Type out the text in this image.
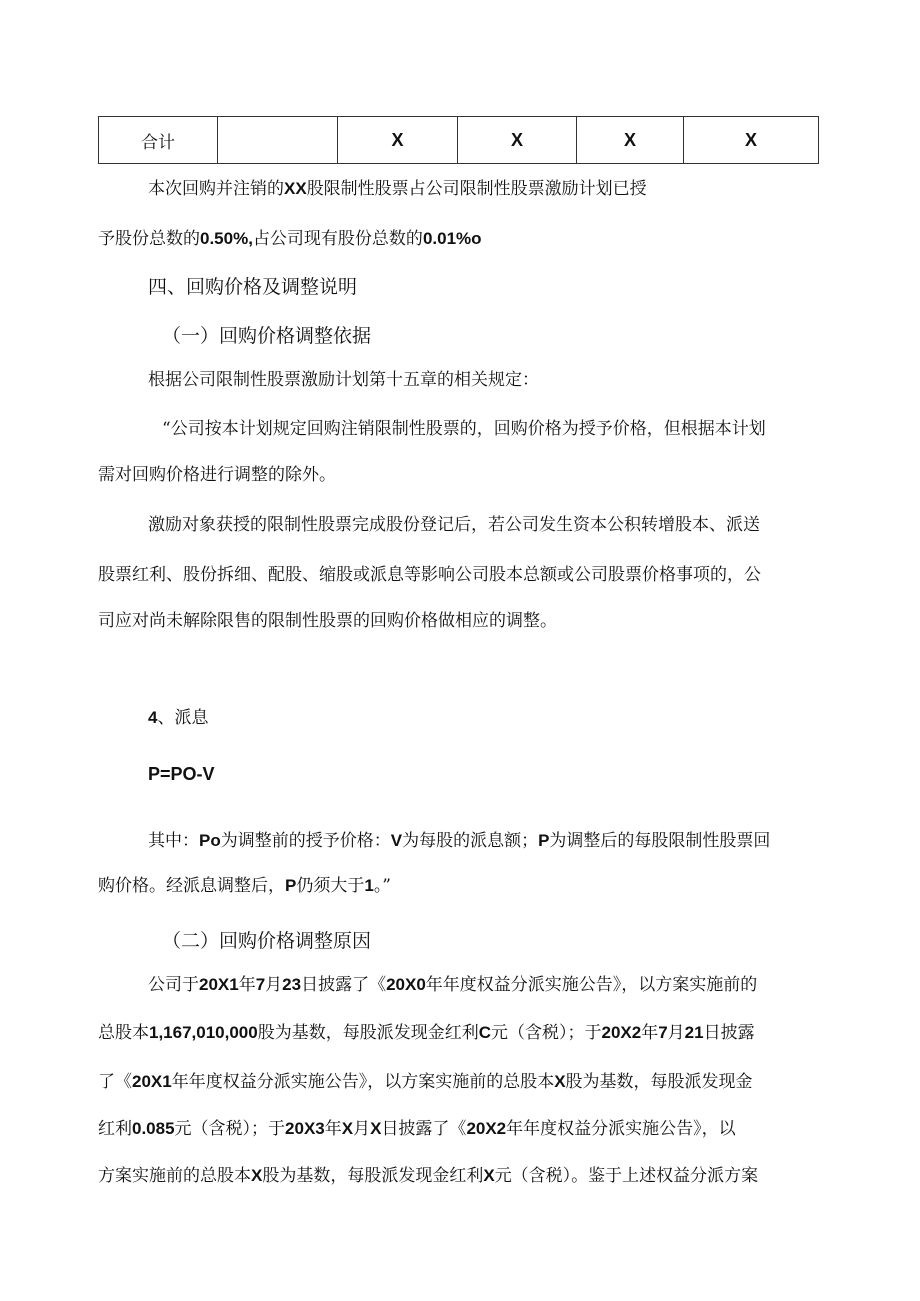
合计		X	X	X	X
本次回购并注销的XX股限制性股票占公司限制性股票激励计划已授
予股份总数的0.50%,占公司现有股份总数的0.01%o
四、回购价格及调整说明
（一）回购价格调整依据
根据公司限制性股票激励计划第十五章的相关规定：
“公司按本计划规定回购注销限制性股票的，回购价格为授予价格，但根据本计划
需对回购价格进行调整的除外。
激励对象获授的限制性股票完成股份登记后，若公司发生资本公积转增股本、派送
股票红利、股份拆细、配股、缩股或派息等影响公司股本总额或公司股票价格事项的，公
司应对尚未解除限售的限制性股票的回购价格做相应的调整。
4、派息
P=PO-V
其中：Po为调整前的授予价格：V为每股的派息额；P为调整后的每股限制性股票回
购价格。经派息调整后，P仍须大于1。”
（二）回购价格调整原因
公司于20X1年7月23日披露了《20X0年年度权益分派实施公告》，以方案实施前的
总股本1,167,010,000股为基数，每股派发现金红利C元（含税）；于20X2年7月21日披露
了《20X1年年度权益分派实施公告》，以方案实施前的总股本X股为基数，每股派发现金
红利0.085元（含税）；于20X3年X月X日披露了《20X2年年度权益分派实施公告》，以
方案实施前的总股本X股为基数，每股派发现金红利X元（含税）。鉴于上述权益分派方案
